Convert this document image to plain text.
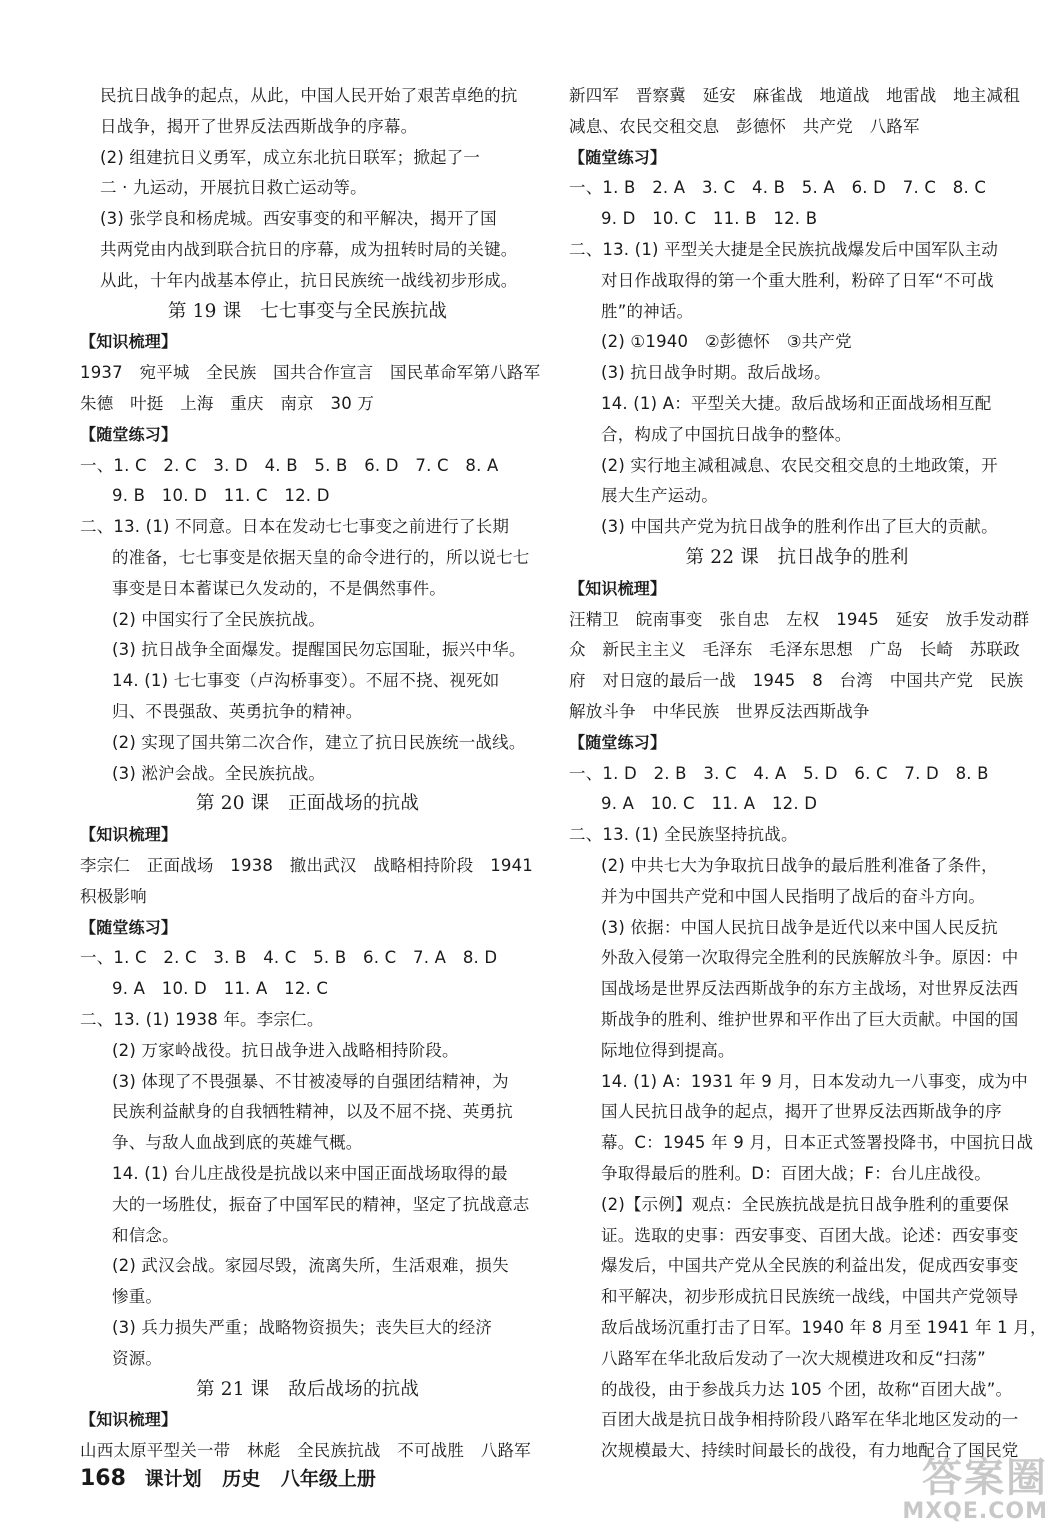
民抗日战争的起点，从此，中国人民开始了艰苦卓绝的抗
日战争，揭开了世界反法西斯战争的序幕。
(2) 组建抗日义勇军，成立东北抗日联军；掀起了一
二 · 九运动，开展抗日救亡运动等。
(3) 张学良和杨虎城。西安事变的和平解决，揭开了国
共两党由内战到联合抗日的序幕，成为扭转时局的关键。
从此，十年内战基本停止，抗日民族统一战线初步形成。
第 19 课　七七事变与全民族抗战
【知识梳理】
1937　宛平城　全民族　国共合作宣言　国民革命军第八路军
朱德　叶挺　上海　重庆　南京　30 万
【随堂练习】
一、1. C　2. C　3. D　4. B　5. B　6. D　7. C　8. A
9. B　10. D　11. C　12. D
二、13. (1) 不同意。日本在发动七七事变之前进行了长期
的准备，七七事变是依据天皇的命令进行的，所以说七七
事变是日本蓄谋已久发动的，不是偶然事件。
(2) 中国实行了全民族抗战。
(3) 抗日战争全面爆发。提醒国民勿忘国耻，振兴中华。
14. (1) 七七事变（卢沟桥事变）。不屈不挠、视死如
归、不畏强敌、英勇抗争的精神。
(2) 实现了国共第二次合作，建立了抗日民族统一战线。
(3) 淞沪会战。全民族抗战。
第 20 课　正面战场的抗战
【知识梳理】
李宗仁　正面战场　1938　撤出武汉　战略相持阶段　1941
积极影响
【随堂练习】
一、1. C　2. C　3. B　4. C　5. B　6. C　7. A　8. D
9. A　10. D　11. A　12. C
二、13. (1) 1938 年。李宗仁。
(2) 万家岭战役。抗日战争进入战略相持阶段。
(3) 体现了不畏强暴、不甘被凌辱的自强团结精神，为
民族利益献身的自我牺牲精神，以及不屈不挠、英勇抗
争、与敌人血战到底的英雄气概。
14. (1) 台儿庄战役是抗战以来中国正面战场取得的最
大的一场胜仗，振奋了中国军民的精神，坚定了抗战意志
和信念。
(2) 武汉会战。家园尽毁，流离失所，生活艰难，损失
惨重。
(3) 兵力损失严重；战略物资损失；丧失巨大的经济
资源。
第 21 课　敌后战场的抗战
【知识梳理】
山西太原平型关一带　林彪　全民族抗战　不可战胜　八路军
新四军　晋察冀　延安　麻雀战　地道战　地雷战　地主减租
减息、农民交租交息　彭德怀　共产党　八路军
【随堂练习】
一、1. B　2. A　3. C　4. B　5. A　6. D　7. C　8. C
9. D　10. C　11. B　12. B
二、13. (1) 平型关大捷是全民族抗战爆发后中国军队主动
对日作战取得的第一个重大胜利，粉碎了日军“不可战
胜”的神话。
(2) ①1940　②彭德怀　③共产党
(3) 抗日战争时期。敌后战场。
14. (1) A：平型关大捷。敌后战场和正面战场相互配
合，构成了中国抗日战争的整体。
(2) 实行地主减租减息、农民交租交息的土地政策，开
展大生产运动。
(3) 中国共产党为抗日战争的胜利作出了巨大的贡献。
第 22 课　抗日战争的胜利
【知识梳理】
汪精卫　皖南事变　张自忠　左权　1945　延安　放手发动群
众　新民主主义　毛泽东　毛泽东思想　广岛　长崎　苏联政
府　对日寇的最后一战　1945　8　台湾　中国共产党　民族
解放斗争　中华民族　世界反法西斯战争
【随堂练习】
一、1. D　2. B　3. C　4. A　5. D　6. C　7. D　8. B
9. A　10. C　11. A　12. D
二、13. (1) 全民族坚持抗战。
(2) 中共七大为争取抗日战争的最后胜利准备了条件，
并为中国共产党和中国人民指明了战后的奋斗方向。
(3) 依据：中国人民抗日战争是近代以来中国人民反抗
外敌入侵第一次取得完全胜利的民族解放斗争。原因：中
国战场是世界反法西斯战争的东方主战场，对世界反法西
斯战争的胜利、维护世界和平作出了巨大贡献。中国的国
际地位得到提高。
14. (1) A：1931 年 9 月，日本发动九一八事变，成为中
国人民抗日战争的起点，揭开了世界反法西斯战争的序
幕。C：1945 年 9 月，日本正式签署投降书，中国抗日战
争取得最后的胜利。D：百团大战；F：台儿庄战役。
(2)【示例】观点：全民族抗战是抗日战争胜利的重要保
证。选取的史事：西安事变、百团大战。论述：西安事变
爆发后，中国共产党从全民族的利益出发，促成西安事变
和平解决，初步形成抗日民族统一战线，中国共产党领导
敌后战场沉重打击了日军。1940 年 8 月至 1941 年 1 月，
八路军在华北敌后发动了一次大规模进攻和反“扫荡”
的战役，由于参战兵力达 105 个团，故称“百团大战”。
百团大战是抗日战争相持阶段八路军在华北地区发动的一
次规模最大、持续时间最长的战役，有力地配合了国民党
168 课计划 历史 八年级上册	答案圈
MXQE.COM
